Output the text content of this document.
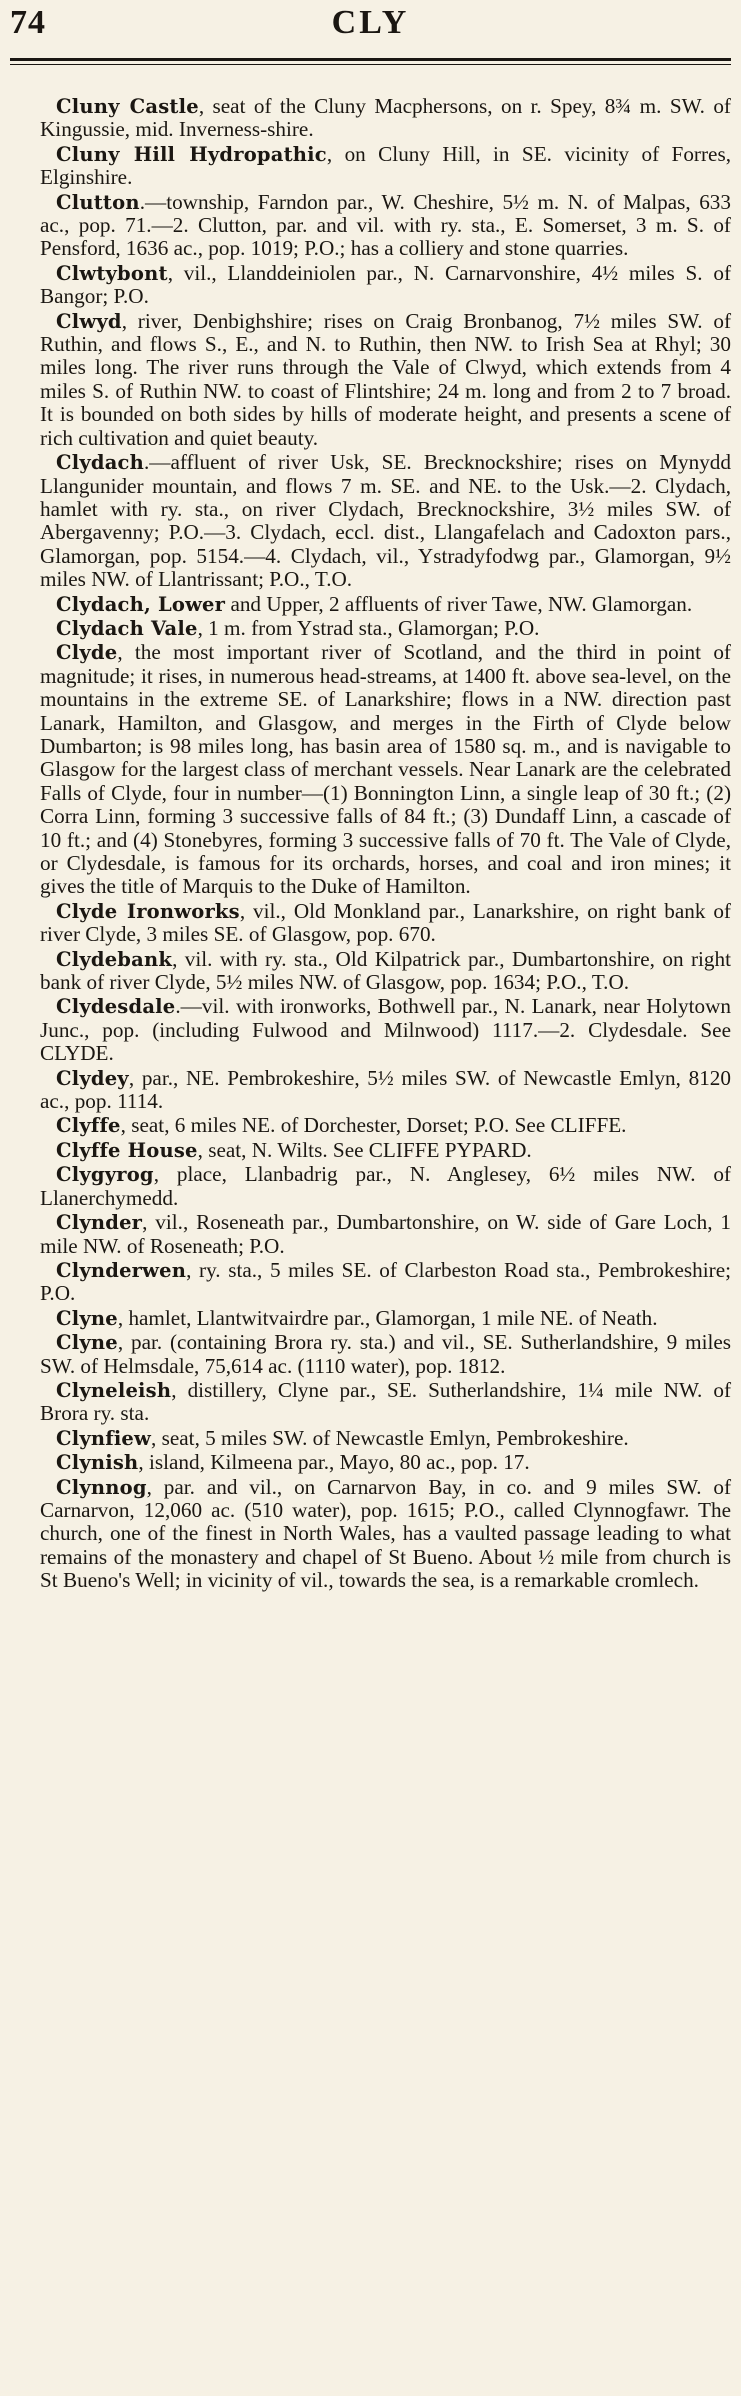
74	CLY

Cluny Castle, seat of the Cluny Macphersons, on r. Spey, 8¾ m. SW. of Kingussie, mid. Inverness-shire.

Cluny Hill Hydropathic, on Cluny Hill, in SE. vicinity of Forres, Elginshire.

Clutton.—township, Farndon par., W. Cheshire, 5½ m. N. of Malpas, 633 ac., pop. 71.—2. Clutton, par. and vil. with ry. sta., E. Somerset, 3 m. S. of Pensford, 1636 ac., pop. 1019; P.O.; has a colliery and stone quarries.

Clwtybont, vil., Llanddeiniolen par., N. Carnarvonshire, 4½ miles S. of Bangor; P.O.

Clwyd, river, Denbighshire; rises on Craig Bronbanog, 7½ miles SW. of Ruthin, and flows S., E., and N. to Ruthin, then NW. to Irish Sea at Rhyl; 30 miles long. The river runs through the Vale of Clwyd, which extends from 4 miles S. of Ruthin NW. to coast of Flintshire; 24 m. long and from 2 to 7 broad. It is bounded on both sides by hills of moderate height, and presents a scene of rich cultivation and quiet beauty.

Clydach.—affluent of river Usk, SE. Brecknockshire; rises on Mynydd Llangunider mountain, and flows 7 m. SE. and NE. to the Usk.—2. Clydach, hamlet with ry. sta., on river Clydach, Brecknockshire, 3½ miles SW. of Abergavenny; P.O.—3. Clydach, eccl. dist., Llangafelach and Cadoxton pars., Glamorgan, pop. 5154.—4. Clydach, vil., Ystradyfodwg par., Glamorgan, 9½ miles NW. of Llantrissant; P.O., T.O.

Clydach, Lower and Upper, 2 affluents of river Tawe, NW. Glamorgan.

Clydach Vale, 1 m. from Ystrad sta., Glamorgan; P.O.

Clyde, the most important river of Scotland, and the third in point of magnitude; it rises, in numerous head-streams, at 1400 ft. above sea-level, on the mountains in the extreme SE. of Lanarkshire; flows in a NW. direction past Lanark, Hamilton, and Glasgow, and merges in the Firth of Clyde below Dumbarton; is 98 miles long, has basin area of 1580 sq. m., and is navigable to Glasgow for the largest class of merchant vessels. Near Lanark are the celebrated Falls of Clyde, four in number—(1) Bonnington Linn, a single leap of 30 ft.; (2) Corra Linn, forming 3 successive falls of 84 ft.; (3) Dundaff Linn, a cascade of 10 ft.; and (4) Stonebyres, forming 3 successive falls of 70 ft. The Vale of Clyde, or Clydesdale, is famous for its orchards, horses, and coal and iron mines; it gives the title of Marquis to the Duke of Hamilton.

Clyde Ironworks, vil., Old Monkland par., Lanarkshire, on right bank of river Clyde, 3 miles SE. of Glasgow, pop. 670.

Clydebank, vil. with ry. sta., Old Kilpatrick par., Dumbartonshire, on right bank of river Clyde, 5½ miles NW. of Glasgow, pop. 1634; P.O., T.O.

Clydesdale.—vil. with ironworks, Bothwell par., N. Lanark, near Holytown Junc., pop. (including Fulwood and Milnwood) 1117.—2. Clydesdale. See CLYDE.

Clydey, par., NE. Pembrokeshire, 5½ miles SW. of Newcastle Emlyn, 8120 ac., pop. 1114.

Clyffe, seat, 6 miles NE. of Dorchester, Dorset; P.O. See CLIFFE.

Clyffe House, seat, N. Wilts. See CLIFFE PYPARD.

Clygyrog, place, Llanbadrig par., N. Anglesey, 6½ miles NW. of Llanerchymedd.

Clynder, vil., Roseneath par., Dumbartonshire, on W. side of Gare Loch, 1 mile NW. of Roseneath; P.O.

Clynderwen, ry. sta., 5 miles SE. of Clarbeston Road sta., Pembrokeshire; P.O.

Clyne, hamlet, Llantwitvairdre par., Glamorgan, 1 mile NE. of Neath.

Clyne, par. (containing Brora ry. sta.) and vil., SE. Sutherlandshire, 9 miles SW. of Helmsdale, 75,614 ac. (1110 water), pop. 1812.

Clyneleish, distillery, Clyne par., SE. Sutherlandshire, 1¼ mile NW. of Brora ry. sta.

Clynfiew, seat, 5 miles SW. of Newcastle Emlyn, Pembrokeshire.

Clynish, island, Kilmeena par., Mayo, 80 ac., pop. 17.

Clynnog, par. and vil., on Carnarvon Bay, in co. and 9 miles SW. of Carnarvon, 12,060 ac. (510 water), pop. 1615; P.O., called Clynnogfawr. The church, one of the finest in North Wales, has a vaulted passage leading to what remains of the monastery and chapel of St Bueno. About ½ mile from church is St Bueno's Well; in vicinity of vil., towards the sea, is a remarkable cromlech.
